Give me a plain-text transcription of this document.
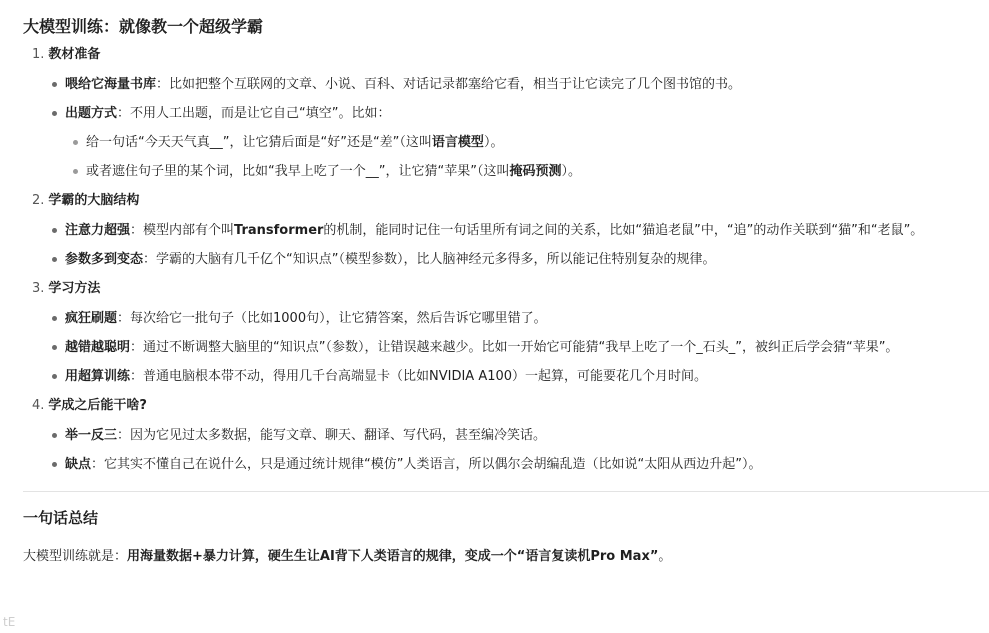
大模型训练：就像教一个超级学霸
1. 教材准备
喂给它海量书库：比如把整个互联网的文章、小说、百科、对话记录都塞给它看，相当于让它读完了几个图书馆的书。
出题方式：不用人工出题，而是让它自己“填空”。比如：
给一句话“今天天气真__”，让它猜后面是“好”还是“差”（这叫语言模型）。
或者遮住句子里的某个词，比如“我早上吃了一个__”，让它猜“苹果”（这叫掩码预测）。
2. 学霸的大脑结构
注意力超强：模型内部有个叫Transformer的机制，能同时记住一句话里所有词之间的关系，比如“猫追老鼠”中，“追”的动作关联到“猫”和“老鼠”。
参数多到变态：学霸的大脑有几千亿个“知识点”（模型参数），比人脑神经元多得多，所以能记住特别复杂的规律。
3. 学习方法
疯狂刷题：每次给它一批句子（比如1000句），让它猜答案，然后告诉它哪里错了。
越错越聪明：通过不断调整大脑里的“知识点”（参数），让错误越来越少。比如一开始它可能猜“我早上吃了一个_石头_”，被纠正后学会猜“苹果”。
用超算训练：普通电脑根本带不动，得用几千台高端显卡（比如NVIDIA A100）一起算，可能要花几个月时间。
4. 学成之后能干啥?
举一反三：因为它见过太多数据，能写文章、聊天、翻译、写代码，甚至编冷笑话。
缺点：它其实不懂自己在说什么，只是通过统计规律“模仿”人类语言，所以偶尔会胡编乱造（比如说“太阳从西边升起”）。
一句话总结
大模型训练就是：用海量数据+暴力计算，硬生生让AI背下人类语言的规律，变成一个“语言复读机Pro Max”。
tE
